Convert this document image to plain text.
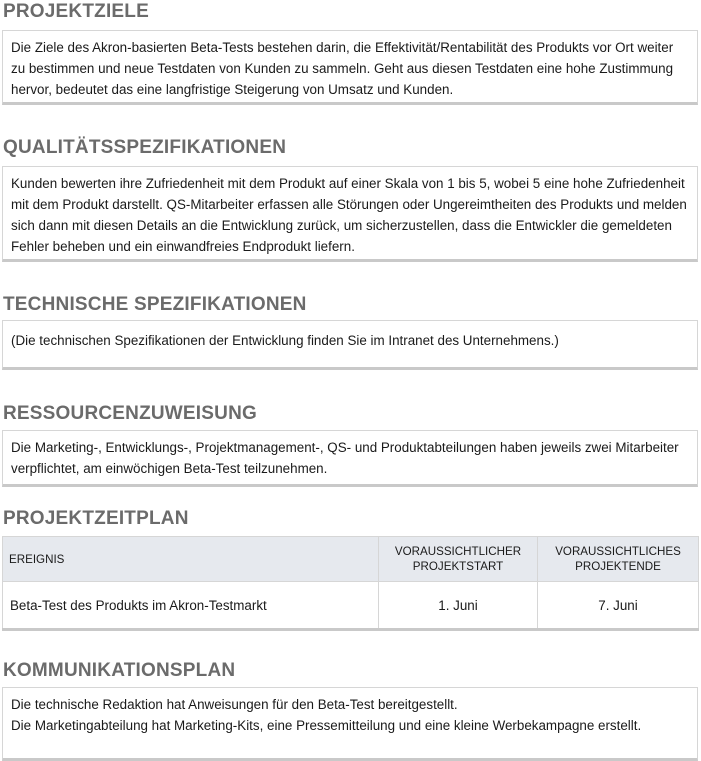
PROJEKTZIELE

Die Ziele des Akron-basierten Beta-Tests bestehen darin, die Effektivität/Rentabilität des Produkts vor Ort weiter zu bestimmen und neue Testdaten von Kunden zu sammeln. Geht aus diesen Testdaten eine hohe Zustimmung hervor, bedeutet das eine langfristige Steigerung von Umsatz und Kunden.

QUALITÄTSSPEZIFIKATIONEN

Kunden bewerten ihre Zufriedenheit mit dem Produkt auf einer Skala von 1 bis 5, wobei 5 eine hohe Zufriedenheit mit dem Produkt darstellt. QS-Mitarbeiter erfassen alle Störungen oder Ungereimtheiten des Produkts und melden sich dann mit diesen Details an die Entwicklung zurück, um sicherzustellen, dass die Entwickler die gemeldeten Fehler beheben und ein einwandfreies Endprodukt liefern.

TECHNISCHE SPEZIFIKATIONEN

(Die technischen Spezifikationen der Entwicklung finden Sie im Intranet des Unternehmens.)

RESSOURCENZUWEISUNG

Die Marketing-, Entwicklungs-, Projektmanagement-, QS- und Produktabteilungen haben jeweils zwei Mitarbeiter verpflichtet, am einwöchigen Beta-Test teilzunehmen.

PROJEKTZEITPLAN
EREIGNIS	VORAUSSICHTLICHER PROJEKTSTART	VORAUSSICHTLICHES PROJEKTENDE
Beta-Test des Produkts im Akron-Testmarkt	1. Juni	7. Juni
KOMMUNIKATIONSPLAN

Die technische Redaktion hat Anweisungen für den Beta-Test bereitgestellt.

Die Marketingabteilung hat Marketing-Kits, eine Pressemitteilung und eine kleine Werbekampagne erstellt.
